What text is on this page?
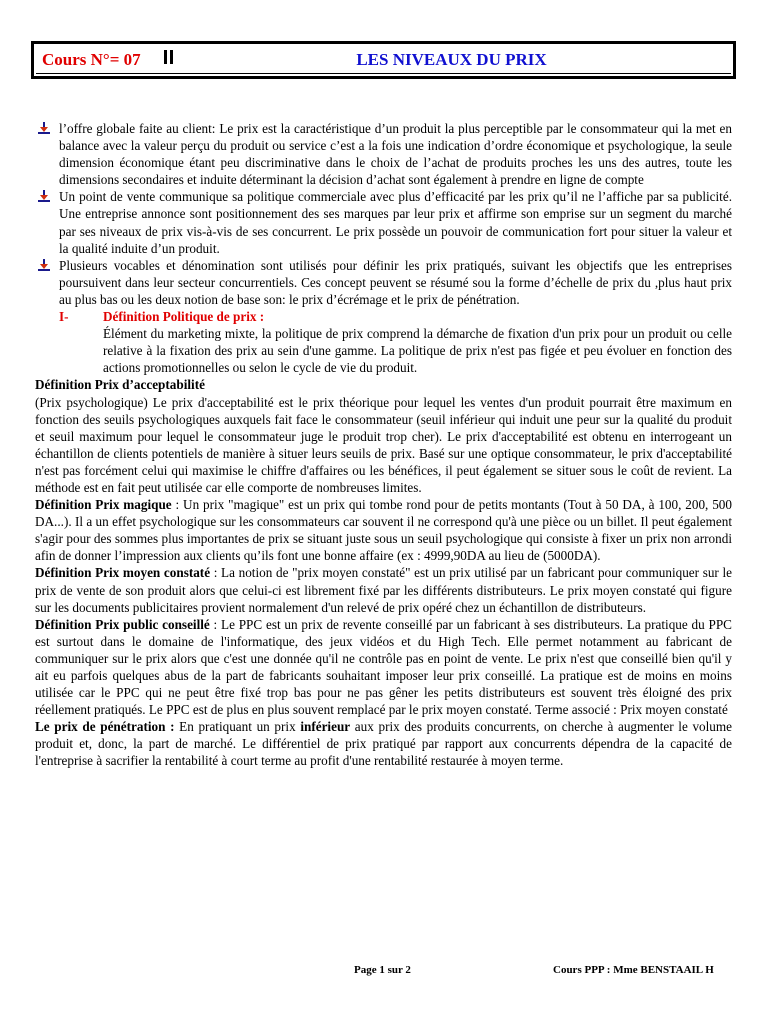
Cours N°= 07	LES NIVEAUX DU PRIX

l’offre globale faite au client: Le prix est la caractéristique d’un produit la plus perceptible par le consommateur qui la met en balance avec la valeur perçu du produit ou service c’est a la fois une indication d’ordre économique et psychologique, la seule dimension économique étant peu discriminative dans le choix de l’achat de produits proches les uns des autres, toute les dimensions secondaires et induite déterminant la décision d’achat sont également à prendre en ligne de compte

Un point de vente communique sa politique commerciale avec plus d’efficacité par les prix qu’il ne l’affiche par sa publicité. Une entreprise annonce sont positionnement des ses marques par leur prix et affirme son emprise sur un segment du marché par ses niveaux de prix vis-à-vis de ses concurrent. Le prix possède un pouvoir de communication fort pour situer la valeur et la qualité induite d’un produit.

Plusieurs vocables et dénomination sont utilisés pour définir les prix pratiqués, suivant les objectifs que les entreprises poursuivent dans leur secteur concurrentiels. Ces concept peuvent se résumé sou la forme d’échelle de prix du ,plus haut prix au plus bas ou les deux notion de base son: le prix d’écrémage et le prix de pénétration.

I-	Définition Politique de prix :

Élément du marketing mixte, la politique de prix comprend la démarche de fixation d'un prix pour un produit ou celle relative à la fixation des prix au sein d'une gamme. La politique de prix n'est pas figée et peu évoluer en fonction des actions promotionnelles ou selon le cycle de vie du produit.

Définition Prix d’acceptabilité

(Prix psychologique) Le prix d'acceptabilité est le prix théorique pour lequel les ventes d'un produit pourrait être maximum en fonction des seuils psychologiques auxquels fait face le consommateur (seuil inférieur qui induit une peur sur la qualité du produit et seuil maximum pour lequel le consommateur juge le produit trop cher). Le prix d'acceptabilité est obtenu en interrogeant un échantillon de clients potentiels de manière à situer leurs seuils de prix. Basé sur une optique consommateur, le prix d'acceptabilité n'est pas forcément celui qui maximise le chiffre d'affaires ou les bénéfices, il peut également se situer sous le coût de revient. La méthode est en fait peut utilisée car elle comporte de nombreuses limites.

Définition Prix magique : Un prix "magique" est un prix qui tombe rond pour de petits montants (Tout à 50 DA, à 100, 200, 500 DA...). Il a un effet psychologique sur les consommateurs car souvent il ne correspond qu'à une pièce ou un billet. Il peut également s'agir pour des sommes plus importantes de prix se situant juste sous un seuil psychologique qui consiste à fixer un prix non arrondi afin de donner l’impression aux clients qu’ils font une bonne affaire (ex : 4999,90DA au lieu de (5000DA).

Définition Prix moyen constaté : La notion de "prix moyen constaté" est un prix utilisé par un fabricant pour communiquer sur le prix de vente de son produit alors que celui-ci est librement fixé par les différents distributeurs. Le prix moyen constaté qui figure sur les documents publicitaires provient normalement d'un relevé de prix opéré chez un échantillon de distributeurs.

Définition Prix public conseillé : Le PPC est un prix de revente conseillé par un fabricant à ses distributeurs. La pratique du PPC est surtout dans le domaine de l'informatique, des jeux vidéos et du High Tech. Elle permet notamment au fabricant de communiquer sur le prix alors que c'est une donnée qu'il ne contrôle pas en point de vente. Le prix n'est que conseillé bien qu'il y ait eu parfois quelques abus de la part de fabricants souhaitant imposer leur prix conseillé. La pratique est de moins en moins utilisée car le PPC qui ne peut être fixé trop bas pour ne pas gêner les petits distributeurs est souvent très éloigné des prix réellement pratiqués. Le PPC est de plus en plus souvent remplacé par le prix moyen constaté. Terme associé : Prix moyen constaté

Le prix de pénétration : En pratiquant un prix inférieur aux prix des produits concurrents, on cherche à augmenter le volume produit et, donc, la part de marché. Le différentiel de prix pratiqué par rapport aux concurrents dépendra de la capacité de l'entreprise à sacrifier la rentabilité à court terme au profit d'une rentabilité restaurée à moyen terme.

Page 1 sur 2	Cours PPP : Mme BENSTAAIL H
